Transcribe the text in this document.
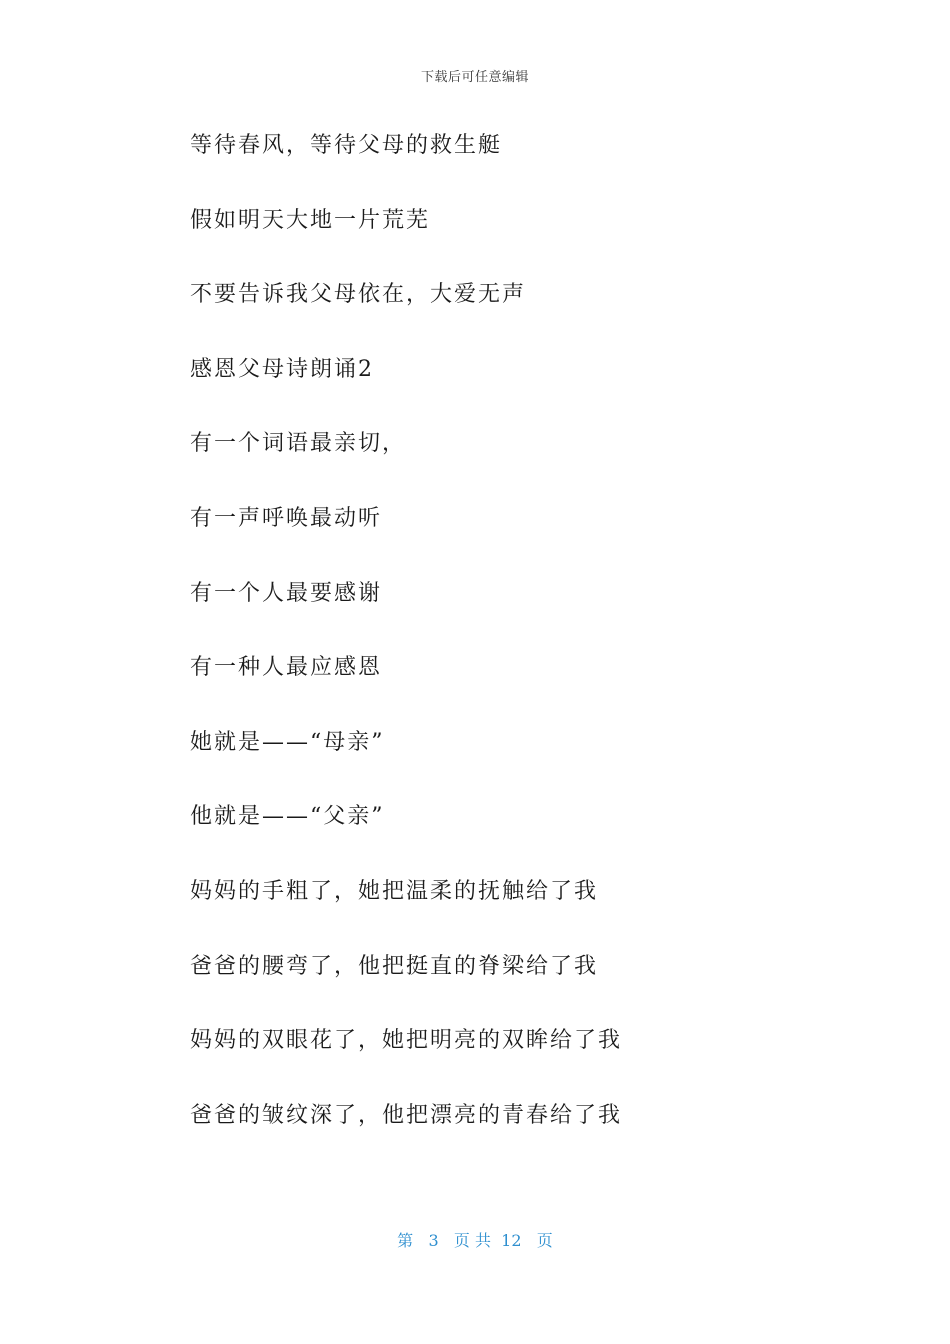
下载后可任意编辑
等待春风，等待父母的救生艇
假如明天大地一片荒芜
不要告诉我父母依在，大爱无声
感恩父母诗朗诵2
有一个词语最亲切，
有一声呼唤最动听
有一个人最要感谢
有一种人最应感恩
她就是——“母亲”
他就是——“父亲”
妈妈的手粗了，她把温柔的抚触给了我
爸爸的腰弯了，他把挺直的脊梁给了我
妈妈的双眼花了，她把明亮的双眸给了我
爸爸的皱纹深了，他把漂亮的青春给了我
第 3 页 共 12 页
